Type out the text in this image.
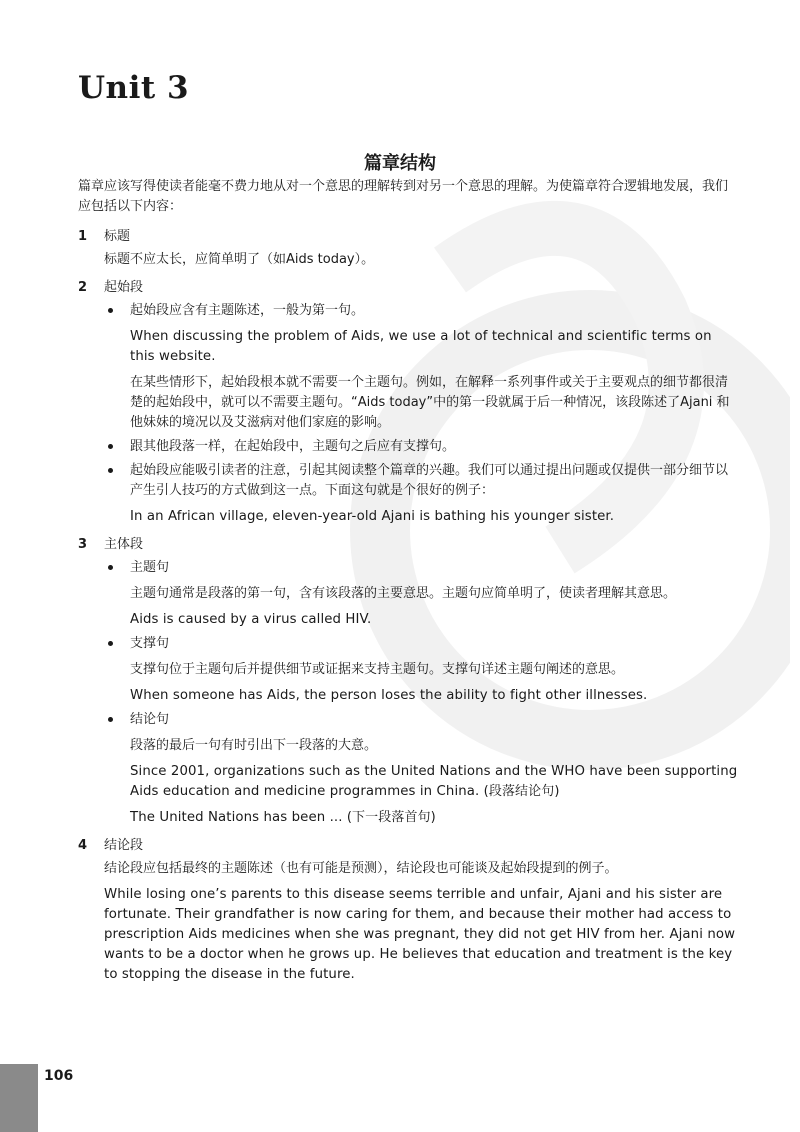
Unit 3
篇章结构

篇章应该写得使读者能毫不费力地从对一个意思的理解转到对另一个意思的理解。为使篇章符合逻辑地发展，我们应包括以下内容：

1	标题

标题不应太长，应简单明了（如Aids today）。

2	起始段

起始段应含有主题陈述，一般为第一句。

When discussing the problem of Aids, we use a lot of technical and scientific terms on this website.

在某些情形下，起始段根本就不需要一个主题句。例如，在解释一系列事件或关于主要观点的细节都很清楚的起始段中，就可以不需要主题句。“Aids today”中的第一段就属于后一种情况，该段陈述了Ajani 和他妹妹的境况以及艾滋病对他们家庭的影响。

跟其他段落一样，在起始段中，主题句之后应有支撑句。

起始段应能吸引读者的注意，引起其阅读整个篇章的兴趣。我们可以通过提出问题或仅提供一部分细节以产生引人技巧的方式做到这一点。下面这句就是个很好的例子：

In an African village, eleven-year-old Ajani is bathing his younger sister.

3	主体段

主题句

主题句通常是段落的第一句，含有该段落的主要意思。主题句应简单明了，使读者理解其意思。

Aids is caused by a virus called HIV.

支撑句

支撑句位于主题句后并提供细节或证据来支持主题句。支撑句详述主题句阐述的意思。

When someone has Aids, the person loses the ability to fight other illnesses.

结论句

段落的最后一句有时引出下一段落的大意。

Since 2001, organizations such as the United Nations and the WHO have been supporting Aids education and medicine programmes in China. (段落结论句)

The United Nations has been ... (下一段落首句)

4	结论段

结论段应包括最终的主题陈述（也有可能是预测），结论段也可能谈及起始段提到的例子。

While losing one’s parents to this disease seems terrible and unfair, Ajani and his sister are fortunate. Their grandfather is now caring for them, and because their mother had access to prescription Aids medicines when she was pregnant, they did not get HIV from her. Ajani now wants to be a doctor when he grows up. He believes that education and treatment is the key to stopping the disease in the future.

106
